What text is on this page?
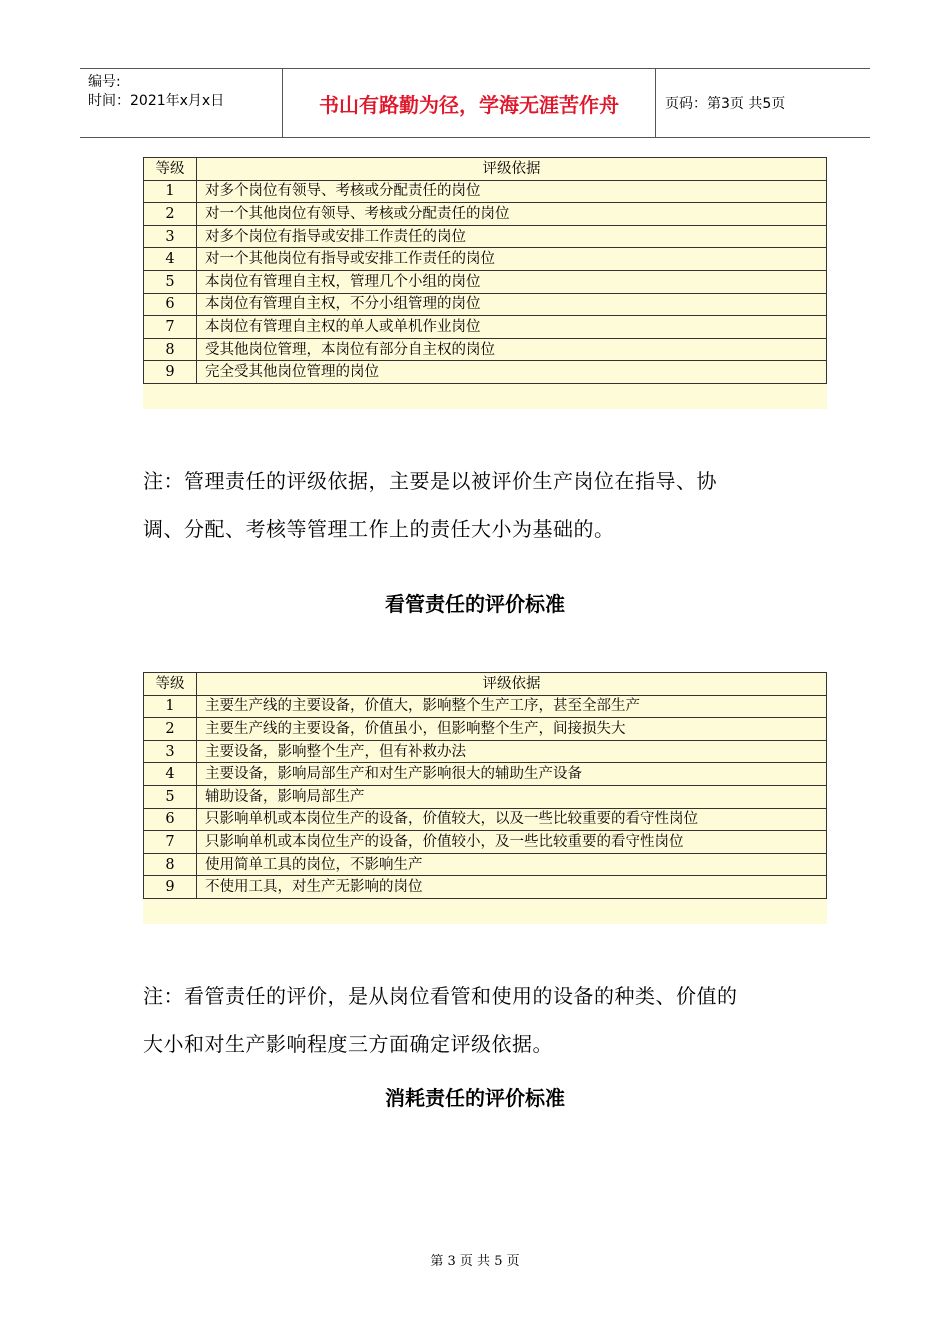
编号:
时间：2021年x月x日	书山有路勤为径，学海无涯苦作舟	页码：第3页 共5页
等级	评级依据
1	对多个岗位有领导、考核或分配责任的岗位
2	对一个其他岗位有领导、考核或分配责任的岗位
3	对多个岗位有指导或安排工作责任的岗位
4	对一个其他岗位有指导或安排工作责任的岗位
5	本岗位有管理自主权，管理几个小组的岗位
6	本岗位有管理自主权，不分小组管理的岗位
7	本岗位有管理自主权的单人或单机作业岗位
8	受其他岗位管理，本岗位有部分自主权的岗位
9	完全受其他岗位管理的岗位
注：管理责任的评级依据，主要是以被评价生产岗位在指导、协
调、分配、考核等管理工作上的责任大小为基础的。
看管责任的评价标准
等级	评级依据
1	主要生产线的主要设备，价值大，影响整个生产工序，甚至全部生产
2	主要生产线的主要设备，价值虽小，但影响整个生产，间接损失大
3	主要设备，影响整个生产，但有补救办法
4	主要设备，影响局部生产和对生产影响很大的辅助生产设备
5	辅助设备，影响局部生产
6	只影响单机或本岗位生产的设备，价值较大，以及一些比较重要的看守性岗位
7	只影响单机或本岗位生产的设备，价值较小，及一些比较重要的看守性岗位
8	使用简单工具的岗位，不影响生产
9	不使用工具，对生产无影响的岗位
注：看管责任的评价，是从岗位看管和使用的设备的种类、价值的
大小和对生产影响程度三方面确定评级依据。
消耗责任的评价标准
第 3 页 共 5 页
